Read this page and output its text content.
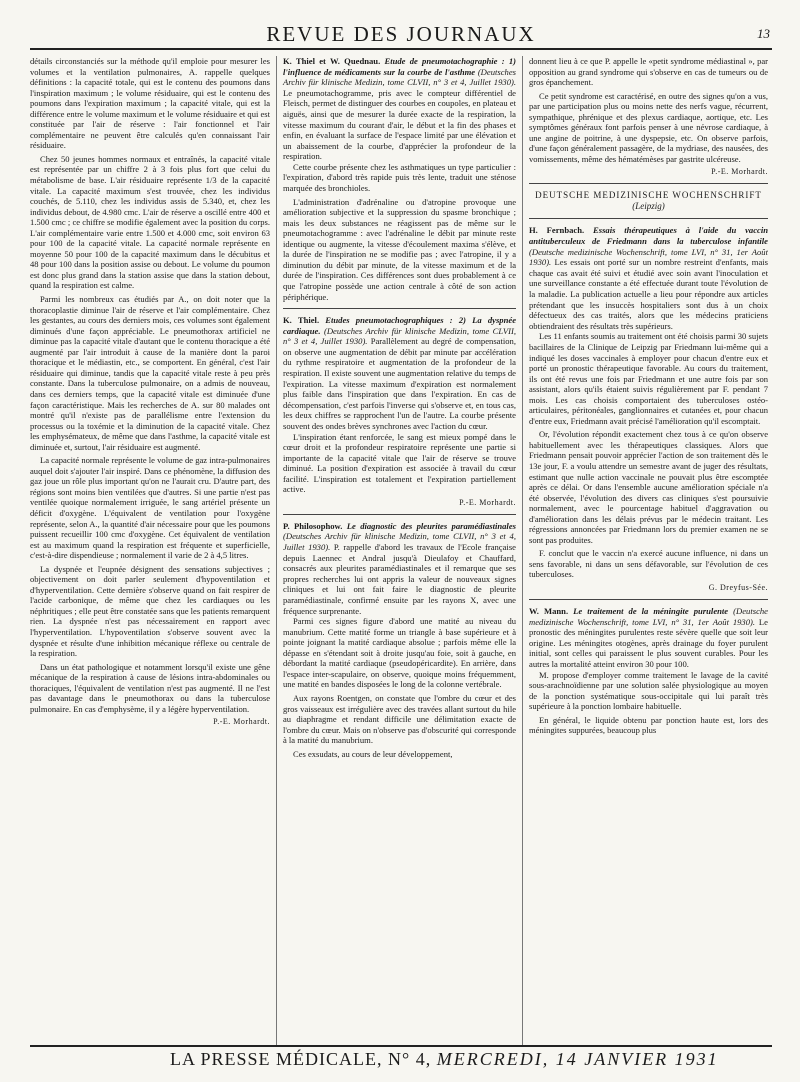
REVUE DES JOURNAUX	13

détails circonstanciés sur la méthode qu'il emploie pour mesurer les volumes et la ventilation pulmonaires, A. rappelle quelques définitions : la capacité totale, qui est le contenu des poumons dans l'inspiration maximum ; le volume résiduaire, qui est le contenu des poumons dans l'expiration maximum ; la capacité vitale, qui est la différence entre le volume maximum et le volume résiduaire et qui est constituée par l'air de réserve : l'air fonctionnel et l'air complémentaire ne peuvent être calculés qu'en connaissant l'air résiduaire.

Chez 50 jeunes hommes normaux et entraînés, la capacité vitale est représentée par un chiffre 2 à 3 fois plus fort que celui du métabolisme de base. L'air résiduaire représente 1/3 de la capacité vitale. La capacité maximum s'est trouvée, chez les individus couchés, de 5.110, chez les individus assis de 5.340, et, chez les individus debout, de 4.980 cmc. L'air de réserve a oscillé entre 400 et 1.500 cmc ; ce chiffre se modifie également avec la position du corps. L'air complémentaire varie entre 1.500 et 4.000 cmc, soit environ 63 pour 100 de la capacité vitale. La capacité normale représente en moyenne 50 pour 100 de la capacité maximum dans le décubitus et 48 pour 100 dans la position assise ou debout. Le volume du poumon est donc plus grand dans la station assise que dans la station debout, quand la respiration est calme.

Parmi les nombreux cas étudiés par A., on doit noter que la thoracoplastie diminue l'air de réserve et l'air complémentaire. Chez les gestantes, au cours des derniers mois, ces volumes sont également diminués d'une façon appréciable. Le pneumothorax artificiel ne diminue pas la capacité vitale d'autant que le contenu thoracique a été augmenté par l'air introduit à cause de la manière dont la paroi thoracique et le médiastin, etc., se comportent. En général, c'est l'air résiduaire qui diminue, tandis que la capacité vitale reste à peu près constante. Dans la tuberculose pulmonaire, on a admis de nouveau, dans ces derniers temps, que la capacité vitale est diminuée d'une façon caractéristique. Mais les recherches de A. sur 80 malades ont montré qu'il n'existe pas de parallélisme entre l'extension du processus ou la toxémie et la diminution de la capacité vitale. Chez les emphysémateux, de même que dans l'asthme, la capacité vitale est diminuée et, surtout, l'air résiduaire est augmenté.

La capacité normale représente le volume de gaz intra-pulmonaires auquel doit s'ajouter l'air inspiré. Dans ce phénomène, la diffusion des gaz joue un rôle plus important qu'on ne l'aurait cru. D'autre part, des régions sont moins bien ventilées que d'autres. Si une partie n'est pas ventilée quoique normalement irriguée, le sang artériel présente un déficit d'oxygène. L'équivalent de ventilation pour l'oxygène représente, selon A., la quantité d'air nécessaire pour que les poumons puissent recueillir 100 cmc d'oxygène. Cet équivalent de ventilation est au maximum quand la respiration est fréquente et superficielle, c'est-à-dire dispendieuse ; normalement il varie de 2 à 4,5 litres.

La dyspnée et l'eupnée désignent des sensations subjectives ; objectivement on doit parler seulement d'hypoventilation et d'hyperventilation. Cette dernière s'observe quand on fait respirer de l'acide carbonique, de même que chez les cardiaques ou les néphritiques ; elle peut être constatée sans que les patients remarquent rien. La dyspnée n'est pas nécessairement en rapport avec l'hyperventilation. L'hypoventilation s'observe souvent avec la dyspnée et résulte d'une inhibition mécanique réflexe ou centrale de la respiration.

Dans un état pathologique et notamment lorsqu'il existe une gêne mécanique de la respiration à cause de lésions intra-abdominales ou thoraciques, l'équivalent de ventilation n'est pas augmenté. Il ne l'est pas davantage dans le pneumothorax ou dans la tuberculose pulmonaire. En cas d'emphysème, il y a légère hyperventilation.

P.-E. Morhardt.

K. Thiel et W. Quednau. Etude de pneumotachographie : 1) l'influence de médicaments sur la courbe de l'asthme (Deutsches Archiv für klinische Medizin, tome CLVII, n° 3 et 4, Juillet 1930). Le pneumotachogramme, pris avec le compteur différentiel de Fleisch, permet de distinguer des courbes en coupoles, en plateau et aiguës, ainsi que de mesurer la durée exacte de la respiration, la vitesse maximum du courant d'air, le début et la fin des phases et enfin, en évaluant la surface de l'espace limité par une élévation et un abaissement de la courbe, d'apprécier la profondeur de la respiration.

Cette courbe présente chez les asthmatiques un type particulier : l'expiration, d'abord très rapide puis très lente, traduit une sténose marquée des bronchioles.

L'administration d'adrénaline ou d'atropine provoque une amélioration subjective et la suppression du spasme bronchique ; mais les deux substances ne réagissent pas de même sur le pneumotachogramme : avec l'adrénaline le débit par minute reste identique ou augmente, la vitesse d'écoulement maxima s'élève, et la durée de l'inspiration ne se modifie pas ; avec l'atropine, il y a diminution du débit par minute, de la vitesse maximum et de la durée de l'inspiration. Ces différences sont dues probablement à ce que l'atropine possède une action centrale à côté de son action périphérique.

K. Thiel. Etudes pneumotachographiques : 2) La dyspnée cardiaque. (Deutsches Archiv für klinische Medizin, tome CLVII, n° 3 et 4, Juillet 1930). Parallèlement au degré de compensation, on observe une augmentation de débit par minute par accélération du rythme respiratoire et augmentation de la profondeur de la respiration. Il existe souvent une augmentation relative du temps de l'expiration. La vitesse maximum d'expiration est normalement plus faible dans l'inspiration que dans l'expiration. En cas de décompensation, c'est parfois l'inverse qui s'observe et, en tous cas, les deux chiffres se rapprochent l'un de l'autre. La courbe présente souvent des ondes brèves synchrones avec l'action du cœur.

L'inspiration étant renforcée, le sang est mieux pompé dans le cœur droit et la profondeur respiratoire représente une partie si importante de la capacité vitale que l'air de réserve se trouve diminué. La position d'expiration est associée à travail du cœur facilité. L'inspiration est totalement et l'expiration partiellement active.

P.-E. Morhardt.

P. Philosophow. Le diagnostic des pleurites paramédiastinales (Deutsches Archiv für klinische Medizin, tome CLVII, n° 3 et 4, Juillet 1930). P. rappelle d'abord les travaux de l'Ecole française depuis Laennec et Andral jusqu'à Dieulafoy et Chauffard, consacrés aux pleurites paramédiastinales et il remarque que ses propres recherches lui ont appris la valeur de nouveaux signes cliniques et lui ont fait faire le diagnostic de pleurite paramédiastinale, confirmé ensuite par les rayons X, avec une fréquence surprenante.

Parmi ces signes figure d'abord une matité au niveau du manubrium. Cette matité forme un triangle à base supérieure et à pointe joignant la matité cardiaque absolue ; parfois même elle la dépasse en s'étendant soit à droite jusqu'au foie, soit à gauche, en débordant la matité cardiaque (pseudopéricardite). En arrière, dans l'espace inter-scapulaire, on observe, quoique moins fréquemment, une matité en bandes disposées le long de la colonne vertébrale.

Aux rayons Roentgen, on constate que l'ombre du cœur et des gros vaisseaux est irrégulière avec des travées allant surtout du hile au diaphragme et rendant difficile une délimitation exacte de l'ombre du cœur. Mais on n'observe pas d'obscurité qui corresponde à la matité du manubrium.

Ces exsudats, au cours de leur développement,

donnent lieu à ce que P. appelle le «petit syndrome médiastinal », par opposition au grand syndrome qui s'observe en cas de tumeurs ou de gros épanchement.

Ce petit syndrome est caractérisé, en outre des signes qu'on a vus, par une participation plus ou moins nette des nerfs vague, récurrent, sympathique, phrénique et des plexus cardiaque, aortique, etc. Les symptômes généraux font parfois penser à une névrose cardiaque, à une angine de poitrine, à une dyspepsie, etc. On observe parfois, d'une façon généralement passagère, de la mydriase, des nausées, des vomissements, même des hématémèses par gastrite ulcéreuse.

P.-E. Morhardt.

DEUTSCHE MEDIZINISCHE WOCHENSCHRIFT
(Leipzig)

H. Fernbach. Essais thérapeutiques à l'aide du vaccin antituberculeux de Friedmann dans la tuberculose infantile (Deutsche medizinische Wochenschrift, tome LVI, n° 31, 1er Août 1930). Les essais ont porté sur un nombre restreint d'enfants, mais chaque cas avait été suivi et étudié avec soin avant l'inoculation et une surveillance constante a été effectuée durant toute l'évolution de la maladie. La publication actuelle a lieu pour répondre aux articles prétendant que les insuccès hospitaliers sont dus à un choix défectueux des cas traités, alors que les médecins praticiens obtiendraient des résultats très supérieurs.

Les 11 enfants soumis au traitement ont été choisis parmi 30 sujets bacillaires de la Clinique de Leipzig par Friedmann lui-même qui a indiqué les doses vaccinales à employer pour chacun d'entre eux et porté un pronostic thérapeutique favorable. Au cours du traitement, ils ont été revus une fois par Friedmann et une autre fois par son assistant, alors qu'ils étaient suivis régulièrement par F. pendant 7 mois. Les cas choisis comportaient des tuberculoses ostéo-articulaires, péritonéales, ganglionnaires et cutanées et, pour chacun d'entre eux, Friedmann avait précisé l'amélioration qu'il escomptait.

Or, l'évolution répondit exactement chez tous à ce qu'on observe habituellement avec les thérapeutiques classiques. Alors que Friedmann pensait pouvoir apprécier l'action de son traitement dès le 13e jour, F. a voulu attendre un semestre avant de juger des résultats, estimant que nulle action vaccinale ne pouvait plus être escomptée après ce délai. Or dans l'ensemble aucune amélioration spéciale n'a été observée, l'évolution des divers cas cliniques s'est poursuivie normalement, avec le pourcentage habituel d'aggravation ou d'amélioration dans les délais prévus par le médecin traitant. Les régressions annoncées par Friedmann lors du premier examen ne se sont pas produites.

F. conclut que le vaccin n'a exercé aucune influence, ni dans un sens favorable, ni dans un sens défavorable, sur l'évolution de ces tuberculoses.

G. Dreyfus-Sée.

W. Mann. Le traitement de la méningite purulente (Deutsche medizinische Wochenschrift, tome LVI, n° 31, 1er Août 1930). Le pronostic des méningites purulentes reste sévère quelle que soit leur origine. Les méningites otogènes, après drainage du foyer purulent initial, sont celles qui paraissent le plus souvent curables. Pour les autres la mortalité atteint environ 30 pour 100.

M. propose d'employer comme traitement le lavage de la cavité sous-arachnoïdienne par une solution salée physiologique au moyen de la ponction systématique sous-occipitale qui lui paraît très supérieure à la ponction lombaire habituelle.

En général, le liquide obtenu par ponction haute est, lors des méningites suppurées, beaucoup plus

LA PRESSE MÉDICALE, N° 4, MERCREDI, 14 JANVIER 1931
